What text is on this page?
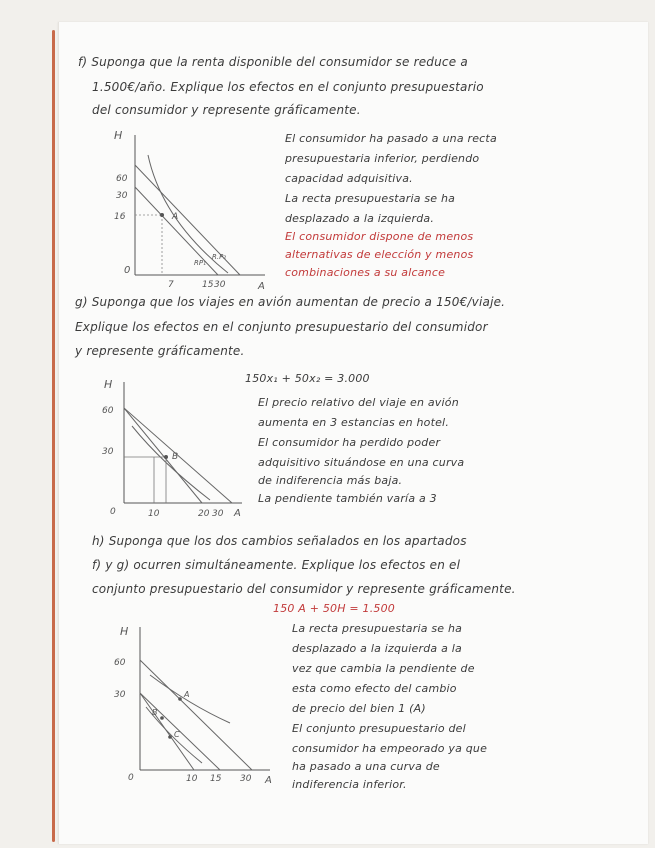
f) Suponga que la renta disponible del consumidor se reduce a
1.500€/año. Explique los efectos en el conjunto presupuestario
del consumidor y represente gráficamente.
H
A
0
60
30
16
7	15 30
A
RP₁
R.P₂
El consumidor ha pasado a una recta
presupuestaria inferior, perdiendo
capacidad adquisitiva.
La recta presupuestaria se ha
desplazado a la izquierda.
El consumidor dispone de menos
alternativas de elección y menos
combinaciones a su alcance
g) Suponga que los viajes en avión aumentan de precio a 150€/viaje.
Explique los efectos en el conjunto presupuestario del consumidor
y represente gráficamente.
H
A
0
60
30
10	20 30
B
150x₁ + 50x₂ = 3.000
El precio relativo del viaje en avión
aumenta en 3 estancias en hotel.
El consumidor ha perdido poder
adquisitivo situándose en una curva
de indiferencia más baja.
La pendiente también varía a 3
h) Suponga que los dos cambios señalados en los apartados
f) y g) ocurren simultáneamente. Explique los efectos en el
conjunto presupuestario del consumidor y represente gráficamente.
H
A
0
60
30
10 15 30
A
B
C
150 A + 50H = 1.500
La recta presupuestaria se ha
desplazado a la izquierda a la
vez que cambia la pendiente de
esta como efecto del cambio
de precio del bien 1 (A)
El conjunto presupuestario del
consumidor ha empeorado ya que
ha pasado a una curva de
indiferencia inferior.
